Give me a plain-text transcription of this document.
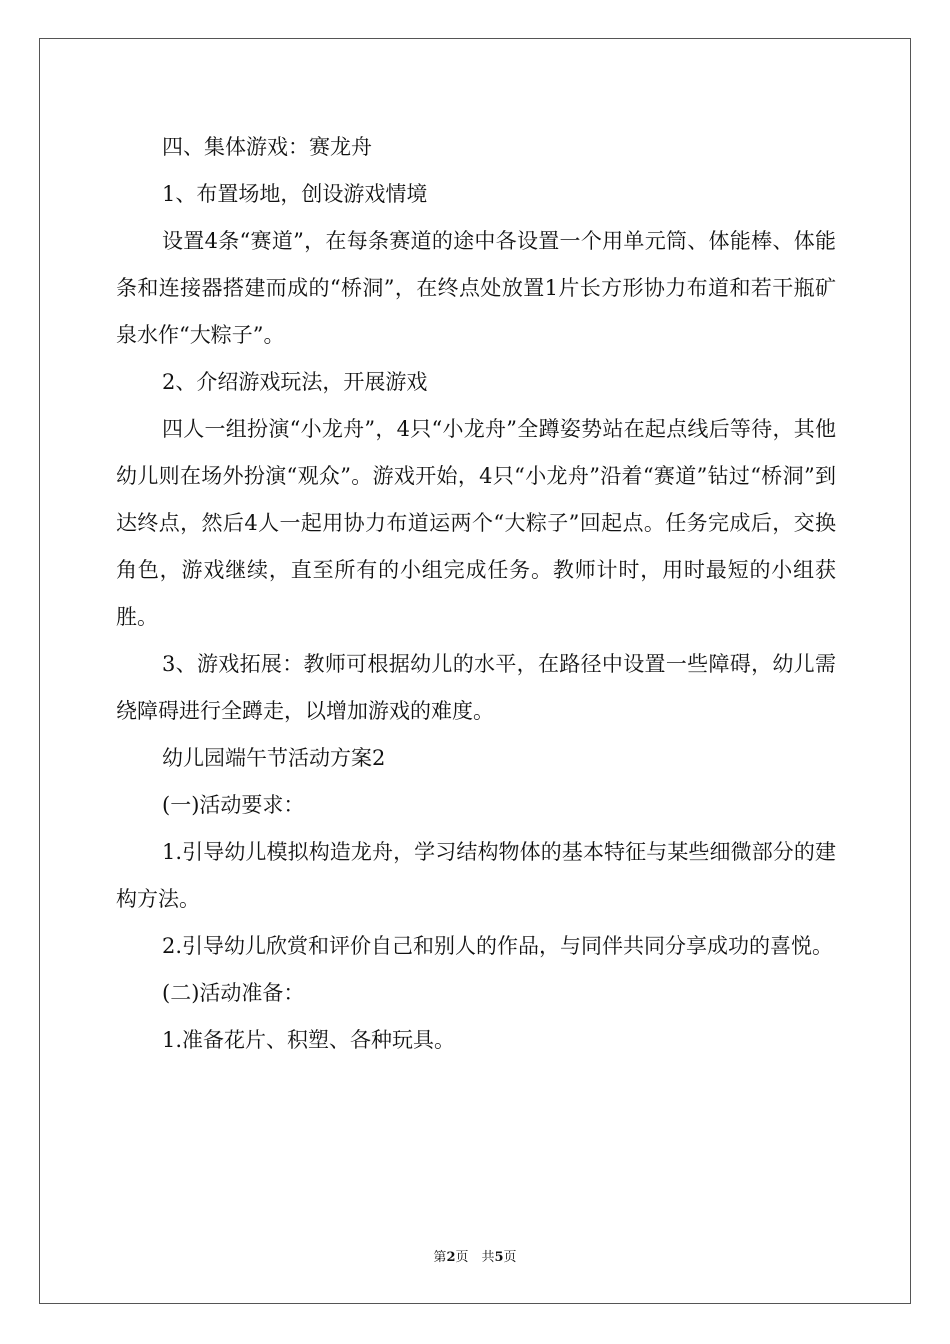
四、集体游戏：赛龙舟

1、布置场地，创设游戏情境

设置4条“赛道”，在每条赛道的途中各设置一个用单元筒、体能棒、体能条和连接器搭建而成的“桥洞”，在终点处放置1片长方形协力布道和若干瓶矿泉水作“大粽子”。

2、介绍游戏玩法，开展游戏

四人一组扮演“小龙舟”，4只“小龙舟”全蹲姿势站在起点线后等待，其他幼儿则在场外扮演“观众”。游戏开始，4只“小龙舟”沿着“赛道”钻过“桥洞”到达终点，然后4人一起用协力布道运两个“大粽子”回起点。任务完成后，交换角色，游戏继续，直至所有的小组完成任务。教师计时，用时最短的小组获胜。

3、游戏拓展：教师可根据幼儿的水平，在路径中设置一些障碍，幼儿需绕障碍进行全蹲走，以增加游戏的难度。

幼儿园端午节活动方案2

(一)活动要求：

1.引导幼儿模拟构造龙舟，学习结构物体的基本特征与某些细微部分的建构方法。

2.引导幼儿欣赏和评价自己和别人的作品，与同伴共同分享成功的喜悦。

(二)活动准备：

1.准备花片、积塑、各种玩具。

第2页　共5页
